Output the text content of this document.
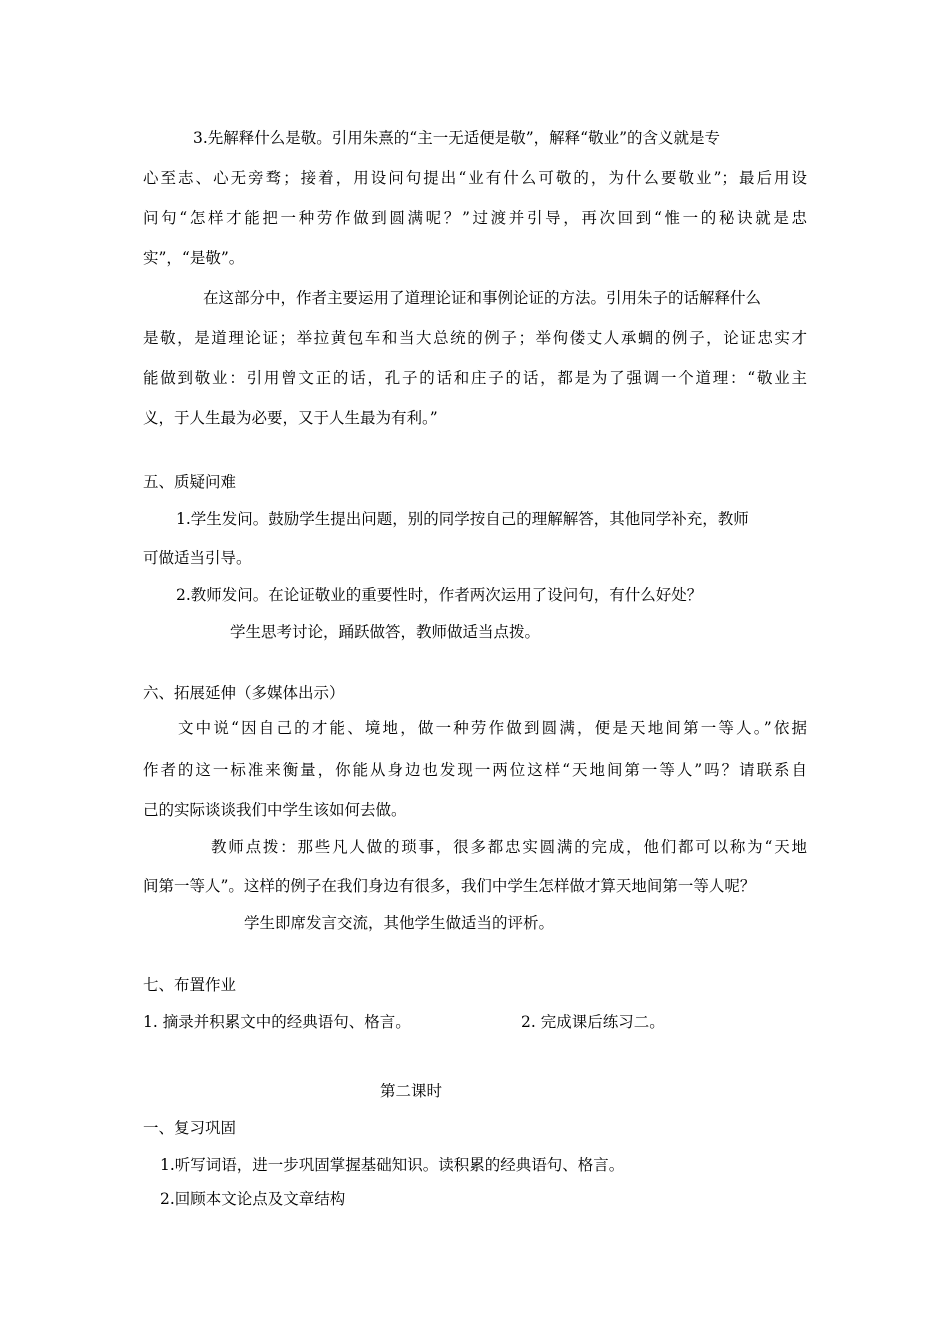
3.先解释什么是敬。引用朱熹的“主一无适便是敬”，解释“敬业”的含义就是专
心至志、心无旁骛；接着，用设问句提出“业有什么可敬的，为什么要敬业”；最后用设
问句“怎样才能把一种劳作做到圆满呢？”过渡并引导，再次回到“惟一的秘诀就是忠
实”，“是敬”。
在这部分中，作者主要运用了道理论证和事例论证的方法。引用朱子的话解释什么
是敬，是道理论证；举拉黄包车和当大总统的例子；举佝偻丈人承蜩的例子，论证忠实才
能做到敬业：引用曾文正的话，孔子的话和庄子的话，都是为了强调一个道理：“敬业主
义，于人生最为必要，又于人生最为有利。”
五、质疑问难
1.学生发问。鼓励学生提出问题，别的同学按自己的理解解答，其他同学补充，教师
可做适当引导。
2.教师发问。在论证敬业的重要性时，作者两次运用了设问句，有什么好处？
学生思考讨论，踊跃做答，教师做适当点拨。
六、拓展延伸（多媒体出示）
文中说“因自己的才能、境地，做一种劳作做到圆满，便是天地间第一等人。”依据
作者的这一标准来衡量，你能从身边也发现一两位这样“天地间第一等人”吗？请联系自
己的实际谈谈我们中学生该如何去做。
教师点拨：那些凡人做的琐事，很多都忠实圆满的完成，他们都可以称为“天地
间第一等人”。这样的例子在我们身边有很多，我们中学生怎样做才算天地间第一等人呢？
学生即席发言交流，其他学生做适当的评析。
七、布置作业
1. 摘录并积累文中的经典语句、格言。	2. 完成课后练习二。
第二课时
一、复习巩固
1.听写词语，进一步巩固掌握基础知识。读积累的经典语句、格言。
2.回顾本文论点及文章结构
